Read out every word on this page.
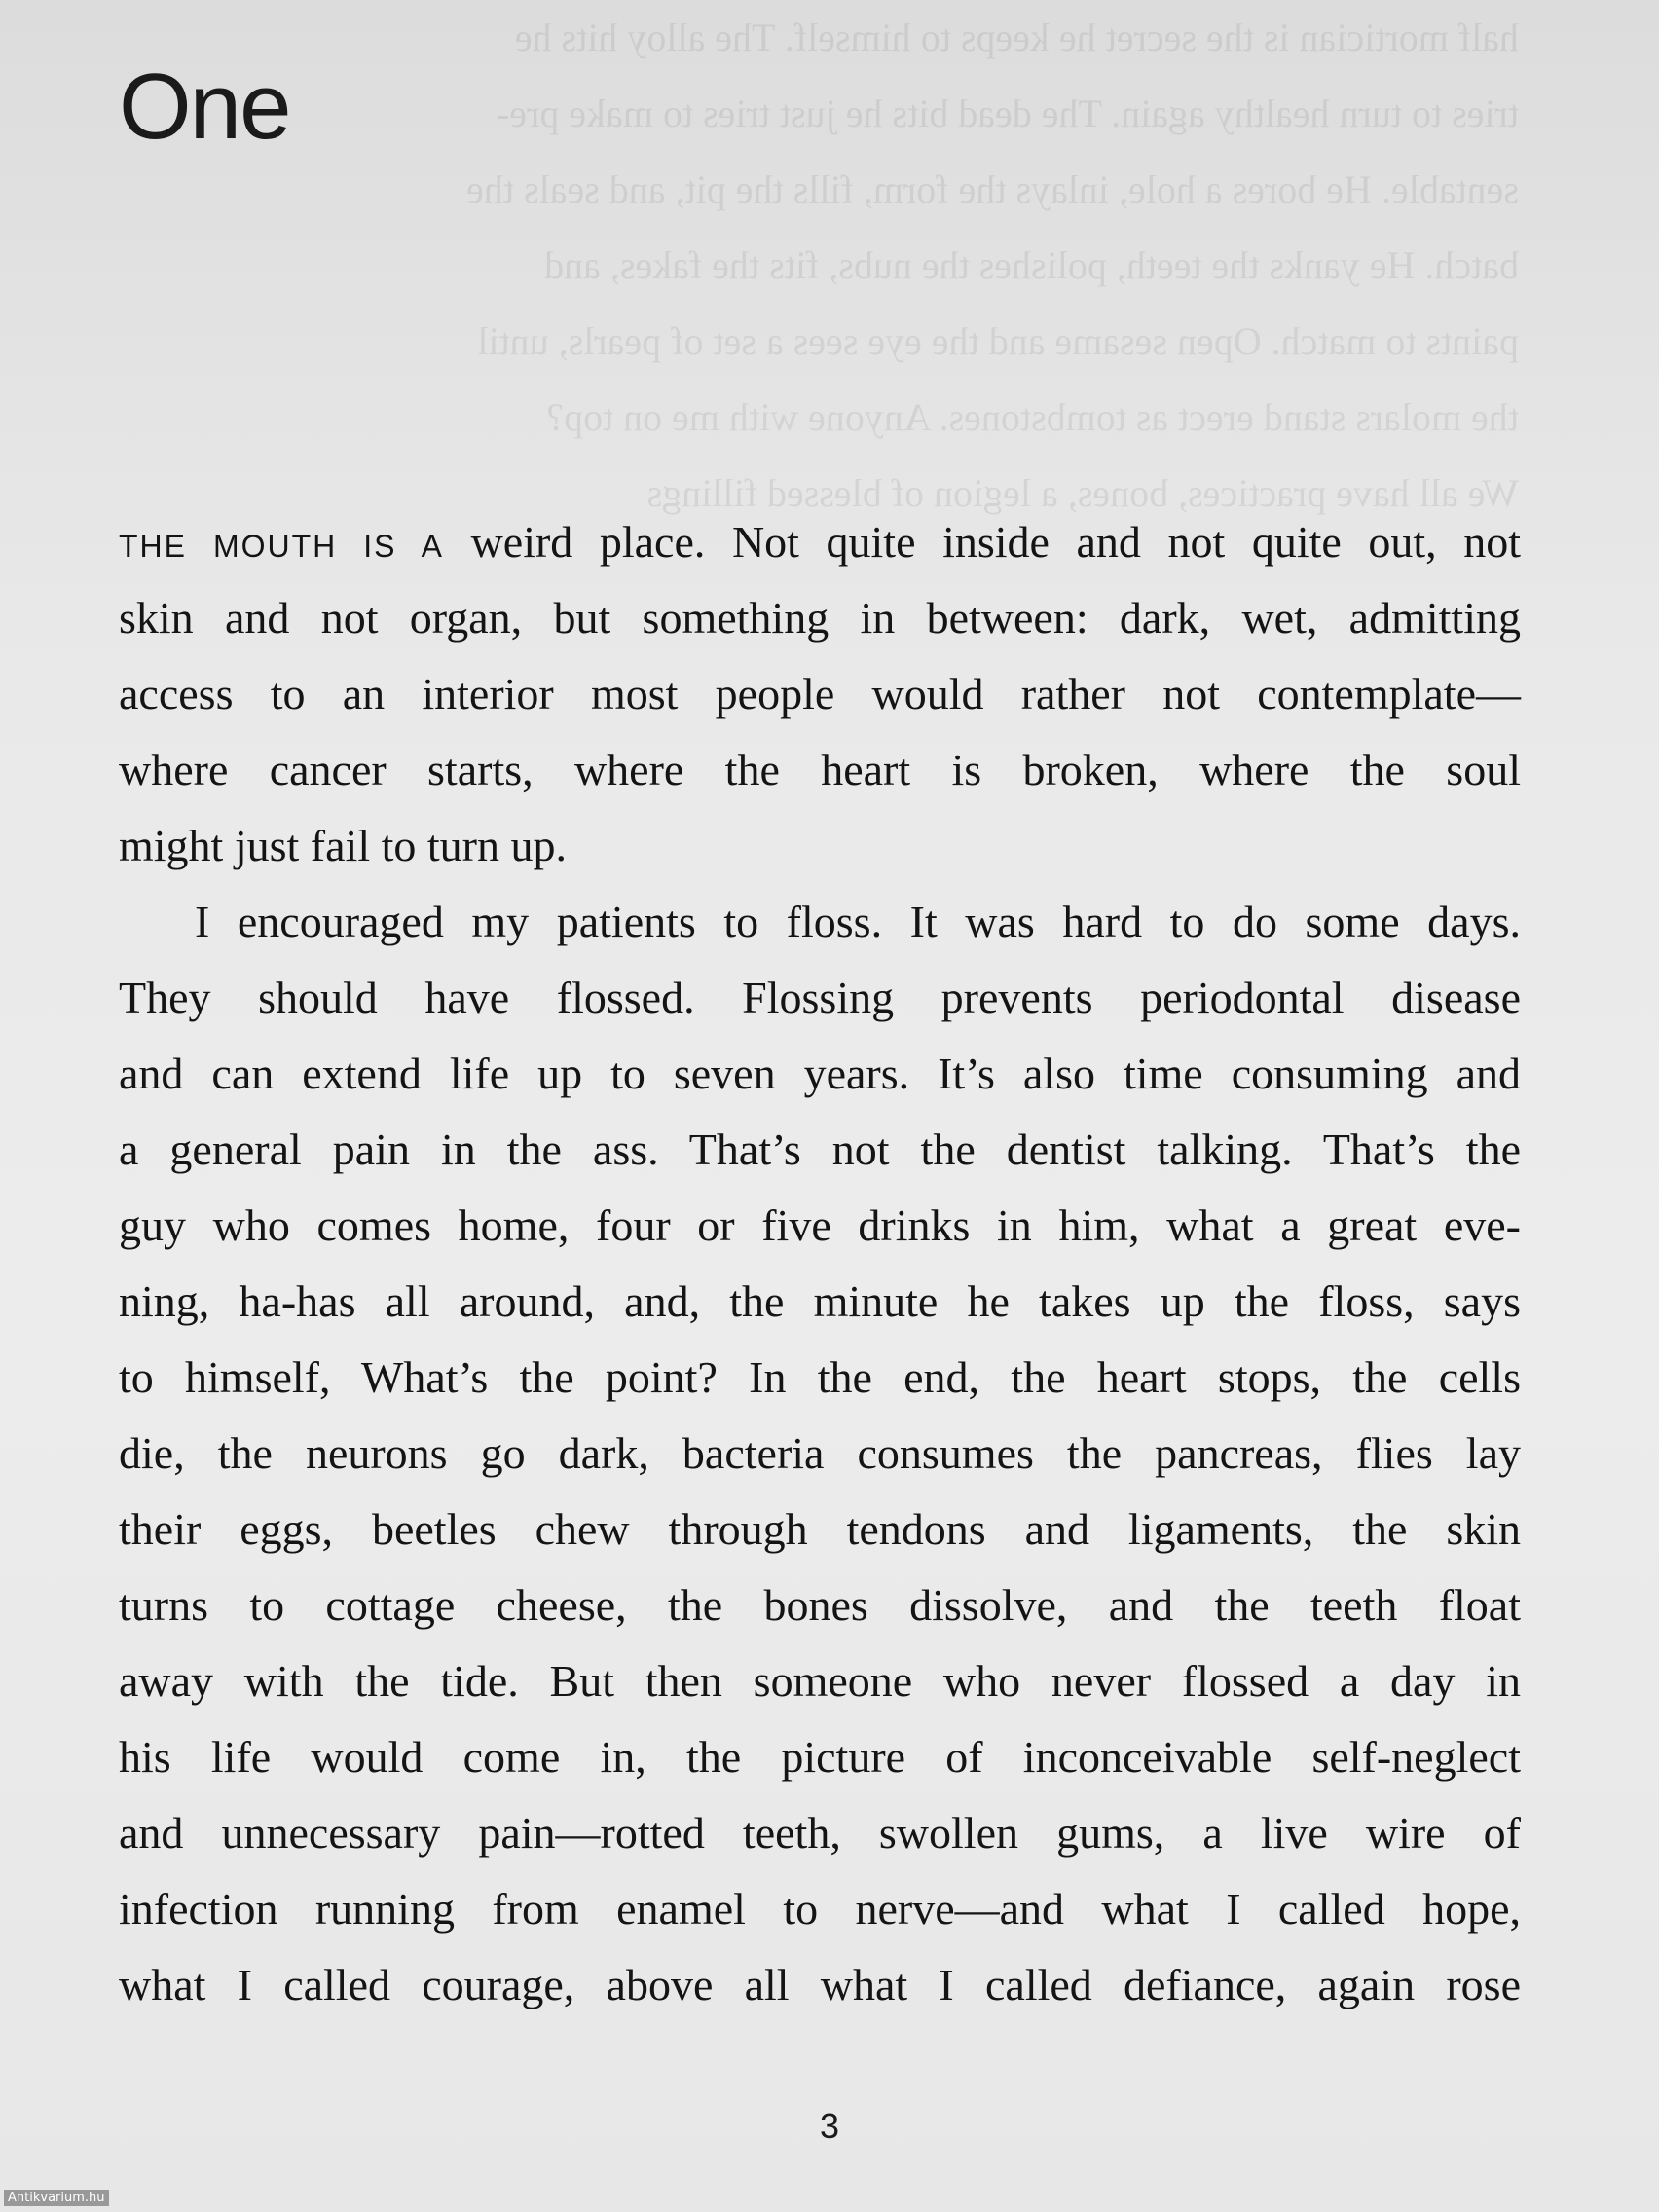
half mortician is the secret he keeps to himself. The alloy hits he
tries to turn healthy again. The dead bits he just tries to make pre-
sentable. He bores a hole, inlays the form, fills the pit, and seals the
batch. He yanks the teeth, polishes the nubs, fits the fakes, and
paints to match. Open sesame and the eye sees a set of pearls, until
the molars stand erect as tombstones. Anyone with me on top?
We all have practices, bones, a legion of blessed fillings
One
THE MOUTH IS A weird place. Not quite inside and not quite out, not
skin and not organ, but something in between: dark, wet, admitting
access to an interior most people would rather not contemplate—
where cancer starts, where the heart is broken, where the soul
might just fail to turn up.
I encouraged my patients to floss. It was hard to do some days.
They should have flossed. Flossing prevents periodontal disease
and can extend life up to seven years. It’s also time consuming and
a general pain in the ass. That’s not the dentist talking. That’s the
guy who comes home, four or five drinks in him, what a great eve-
ning, ha-has all around, and, the minute he takes up the floss, says
to himself, What’s the point? In the end, the heart stops, the cells
die, the neurons go dark, bacteria consumes the pancreas, flies lay
their eggs, beetles chew through tendons and ligaments, the skin
turns to cottage cheese, the bones dissolve, and the teeth float
away with the tide. But then someone who never flossed a day in
his life would come in, the picture of inconceivable self-neglect
and unnecessary pain—rotted teeth, swollen gums, a live wire of
infection running from enamel to nerve—and what I called hope,
what I called courage, above all what I called defiance, again rose
3
Antikvarium.hu
